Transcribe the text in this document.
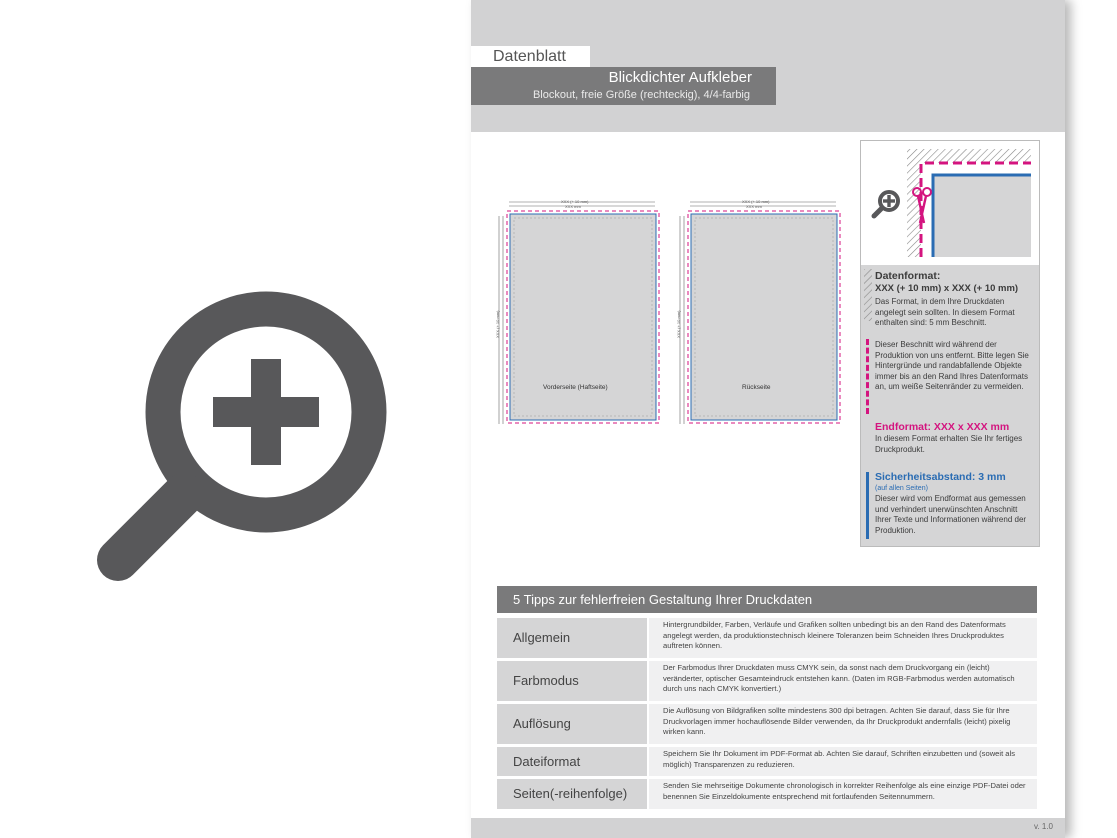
Datenblatt
Blickdichter Aufkleber
Blockout, freie Größe (rechteckig), 4/4-farbig
XXX (+ 10 mm)
XXX mm
XXX (+ 10 mm)
Vorderseite (Haftseite)
XXX (+ 10 mm)
XXX mm
XXX (+ 10 mm)
Rückseite
Datenformat:
XXX (+ 10 mm) x XXX (+ 10 mm)
Das Format, in dem Ihre Druckdaten angelegt sein sollten. In diesem Format enthalten sind: 5 mm Beschnitt.
Dieser Beschnitt wird während der Produktion von uns entfernt. Bitte legen Sie Hintergründe und randabfallende Objekte immer bis an den Rand Ihres Datenformats an, um weiße Seitenränder zu vermeiden.
Endformat: XXX x XXX mm
In diesem Format erhalten Sie Ihr fertiges Druckprodukt.
Sicherheitsabstand: 3 mm
(auf allen Seiten)
Dieser wird vom Endformat aus gemessen und verhindert unerwünschten Anschnitt Ihrer Texte und Informationen während der Produktion.
5 Tipps zur fehlerfreien Gestaltung Ihrer Druckdaten
Allgemein
Hintergrundbilder, Farben, Verläufe und Grafiken sollten unbedingt bis an den Rand des Datenformats angelegt werden, da produktionstechnisch kleinere Toleranzen beim Schneiden Ihres Druckproduktes auftreten können.
Farbmodus
Der Farbmodus Ihrer Druckdaten muss CMYK sein, da sonst nach dem Druckvorgang ein (leicht) veränderter, optischer Gesamteindruck entstehen kann. (Daten im RGB-Farbmodus werden automatisch durch uns nach CMYK konvertiert.)
Auflösung
Die Auflösung von Bildgrafiken sollte mindestens 300 dpi betragen. Achten Sie darauf, dass Sie für Ihre Druckvorlagen immer hochauflösende Bilder verwenden, da Ihr Druckprodukt andernfalls (leicht) pixelig wirken kann.
Dateiformat
Speichern Sie Ihr Dokument im PDF-Format ab. Achten Sie darauf, Schriften einzubetten und (soweit als möglich) Transparenzen zu reduzieren.
Seiten(-reihenfolge)
Senden Sie mehrseitige Dokumente chronologisch in korrekter Reihenfolge als eine einzige PDF-Datei oder benennen Sie Einzeldokumente entsprechend mit fortlaufenden Seitennummern.
v. 1.0
